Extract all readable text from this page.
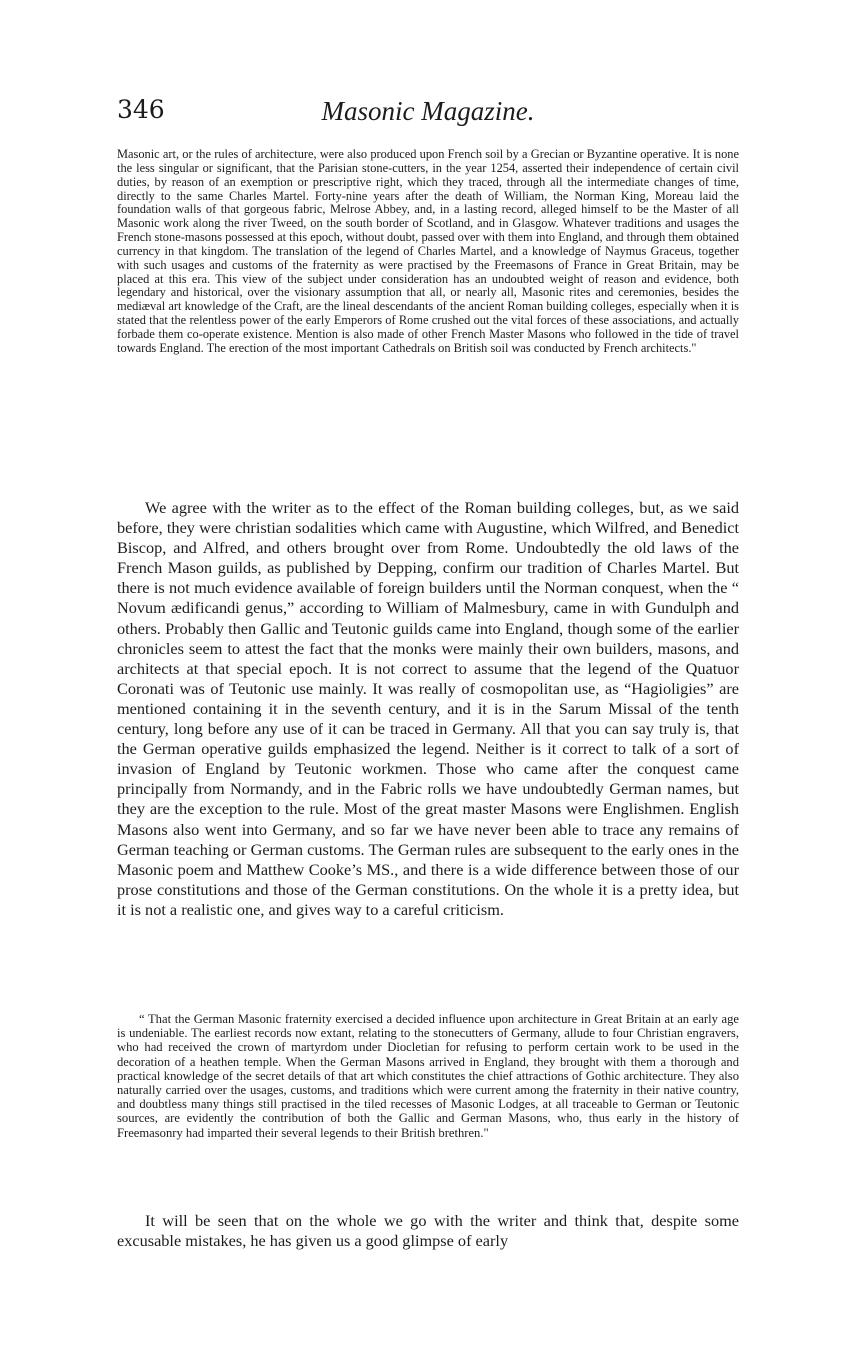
346	Masonic Magazine.
Masonic art, or the rules of architecture, were also produced upon French soil by a Grecian or Byzantine operative. It is none the less singular or significant, that the Parisian stone-cutters, in the year 1254, asserted their independence of certain civil duties, by reason of an exemption or prescriptive right, which they traced, through all the intermediate changes of time, directly to the same Charles Martel. Forty-nine years after the death of William, the Norman King, Moreau laid the foundation walls of that gorgeous fabric, Melrose Abbey, and, in a lasting record, alleged himself to be the Master of all Masonic work along the river Tweed, on the south border of Scotland, and in Glasgow. Whatever traditions and usages the French stone-masons possessed at this epoch, without doubt, passed over with them into England, and through them obtained currency in that kingdom. The translation of the legend of Charles Martel, and a knowledge of Naymus Graceus, together with such usages and customs of the fraternity as were practised by the Freemasons of France in Great Britain, may be placed at this era. This view of the subject under consideration has an undoubted weight of reason and evidence, both legendary and historical, over the visionary assumption that all, or nearly all, Masonic rites and ceremonies, besides the mediæval art knowledge of the Craft, are the lineal descendants of the ancient Roman building colleges, especially when it is stated that the relentless power of the early Emperors of Rome crushed out the vital forces of these associations, and actually forbade them co-operate existence. Mention is also made of other French Master Masons who followed in the tide of travel towards England. The erection of the most important Cathedrals on British soil was conducted by French architects."

We agree with the writer as to the effect of the Roman building colleges, but, as we said before, they were christian sodalities which came with Augustine, which Wilfred, and Benedict Biscop, and Alfred, and others brought over from Rome. Undoubtedly the old laws of the French Mason guilds, as published by Depping, confirm our tradition of Charles Martel. But there is not much evidence available of foreign builders until the Norman conquest, when the “ Novum ædificandi genus,” according to William of Malmesbury, came in with Gundulph and others. Probably then Gallic and Teutonic guilds came into England, though some of the earlier chronicles seem to attest the fact that the monks were mainly their own builders, masons, and architects at that special epoch. It is not correct to assume that the legend of the Quatuor Coronati was of Teutonic use mainly. It was really of cosmopolitan use, as “Hagioligies” are mentioned containing it in the seventh century, and it is in the Sarum Missal of the tenth century, long before any use of it can be traced in Germany. All that you can say truly is, that the German operative guilds emphasized the legend. Neither is it correct to talk of a sort of invasion of England by Teutonic workmen. Those who came after the conquest came principally from Normandy, and in the Fabric rolls we have undoubtedly German names, but they are the exception to the rule. Most of the great master Masons were Englishmen. English Masons also went into Germany, and so far we have never been able to trace any remains of German teaching or German customs. The German rules are subsequent to the early ones in the Masonic poem and Matthew Cooke’s MS., and there is a wide difference between those of our prose constitutions and those of the German constitutions. On the whole it is a pretty idea, but it is not a realistic one, and gives way to a careful criticism.

“ That the German Masonic fraternity exercised a decided influence upon architecture in Great Britain at an early age is undeniable. The earliest records now extant, relating to the stonecutters of Germany, allude to four Christian engravers, who had received the crown of martyrdom under Diocletian for refusing to perform certain work to be used in the decoration of a heathen temple. When the German Masons arrived in England, they brought with them a thorough and practical knowledge of the secret details of that art which constitutes the chief attractions of Gothic architecture. They also naturally carried over the usages, customs, and traditions which were current among the fraternity in their native country, and doubtless many things still practised in the tiled recesses of Masonic Lodges, at all traceable to German or Teutonic sources, are evidently the contribution of both the Gallic and German Masons, who, thus early in the history of Freemasonry had imparted their several legends to their British brethren."

It will be seen that on the whole we go with the writer and think that, despite some excusable mistakes, he has given us a good glimpse of early
